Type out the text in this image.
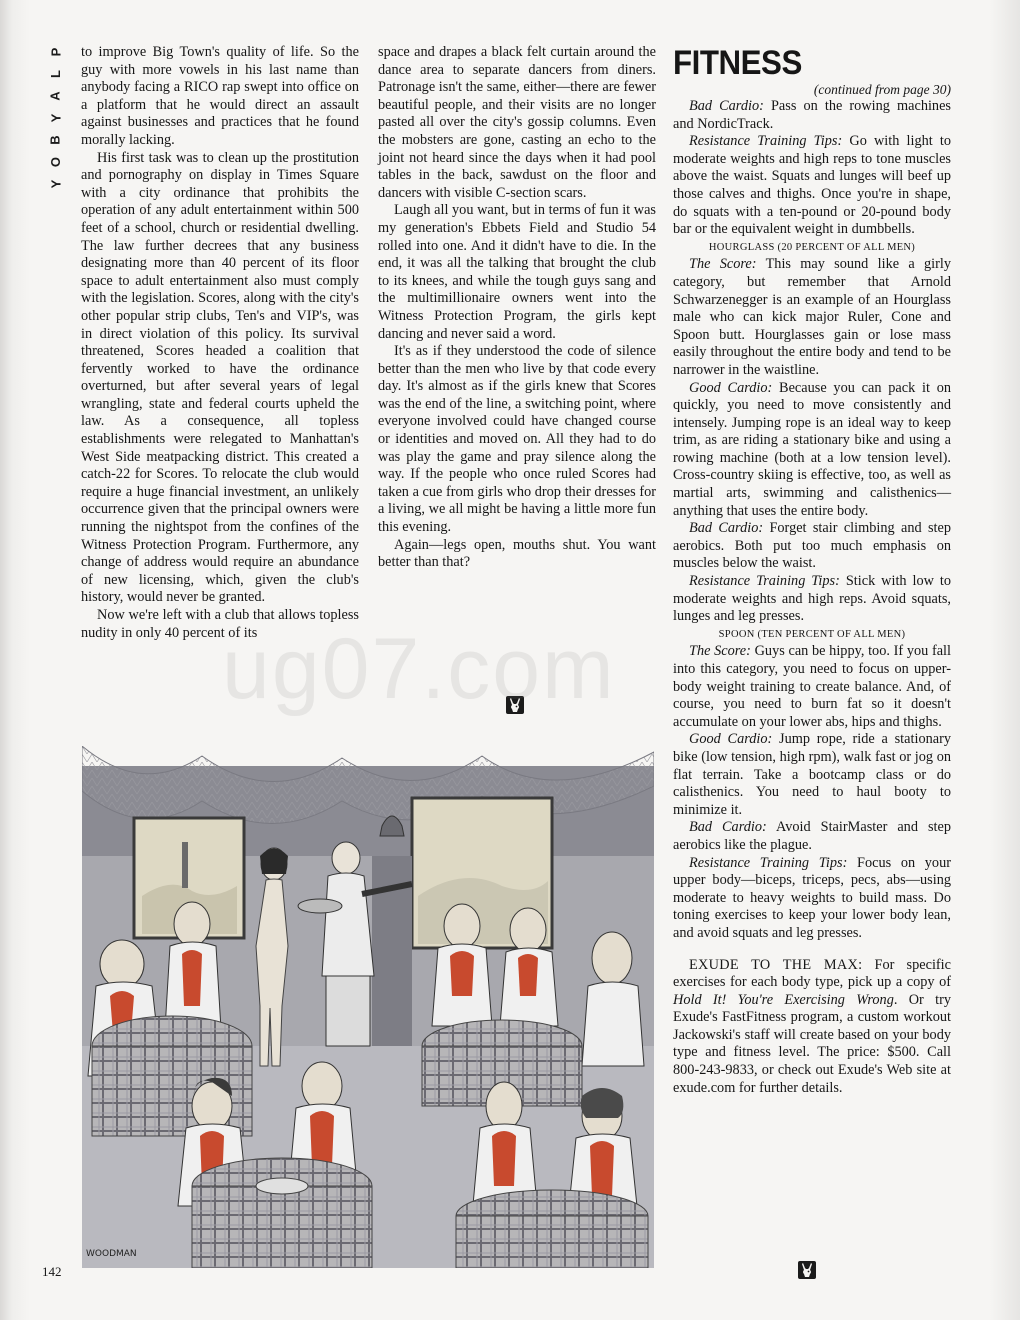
P
L
A
Y
B
O
Y

to improve Big Town's quality of life. So the guy with more vowels in his last name than anybody facing a RICO rap swept into office on a platform that he would direct an assault against businesses and practices that he found morally lacking.

His first task was to clean up the prostitution and pornography on display in Times Square with a city ordinance that prohibits the operation of any adult entertainment within 500 feet of a school, church or residential dwelling. The law further decrees that any business designating more than 40 percent of its floor space to adult entertainment also must comply with the legislation. Scores, along with the city's other popular strip clubs, Ten's and VIP's, was in direct violation of this policy. Its survival threatened, Scores headed a coalition that fervently worked to have the ordinance overturned, but after several years of legal wrangling, state and federal courts upheld the law. As a consequence, all topless establishments were relegated to Manhattan's West Side meatpacking district. This created a catch-22 for Scores. To relocate the club would require a huge financial investment, an unlikely occurrence given that the principal owners were running the nightspot from the confines of the Witness Protection Program. Furthermore, any change of address would require an abundance of new licensing, which, given the club's history, would never be granted.

Now we're left with a club that allows topless nudity in only 40 percent of its

space and drapes a black felt curtain around the dance area to separate dancers from diners. Patronage isn't the same, either—there are fewer beautiful people, and their visits are no longer pasted all over the city's gossip columns. Even the mobsters are gone, casting an echo to the joint not heard since the days when it had pool tables in the back, sawdust on the floor and dancers with visible C-section scars.

Laugh all you want, but in terms of fun it was my generation's Ebbets Field and Studio 54 rolled into one. And it didn't have to die. In the end, it was all the talking that brought the club to its knees, and while the tough guys sang and the multimillionaire owners went into the Witness Protection Program, the girls kept dancing and never said a word.

It's as if they understood the code of silence better than the men who live by that code every day. It's almost as if the girls knew that Scores was the end of the line, a switching point, where everyone involved could have changed course or identities and moved on. All they had to do was play the game and pray silence along the way. If the people who once ruled Scores had taken a cue from girls who drop their dresses for a living, we all might be having a little more fun this evening.

Again—legs open, mouths shut. You want better than that?

FITNESS

(continued from page 30)

Bad Cardio: Pass on the rowing machines and NordicTrack.

Resistance Training Tips: Go with light to moderate weights and high reps to tone muscles above the waist. Squats and lunges will beef up those calves and thighs. Once you're in shape, do squats with a ten-pound or 20-pound body bar or the equivalent weight in dumbbells.

HOURGLASS (20 PERCENT OF ALL MEN)

The Score: This may sound like a girly category, but remember that Arnold Schwarzenegger is an example of an Hourglass male who can kick major Ruler, Cone and Spoon butt. Hourglasses gain or lose mass easily throughout the entire body and tend to be narrower in the waistline.

Good Cardio: Because you can pack it on quickly, you need to move consistently and intensely. Jumping rope is an ideal way to keep trim, as are riding a stationary bike and using a rowing machine (both at a low tension level). Cross-country skiing is effective, too, as well as martial arts, swimming and calisthenics—anything that uses the entire body.

Bad Cardio: Forget stair climbing and step aerobics. Both put too much emphasis on muscles below the waist.

Resistance Training Tips: Stick with low to moderate weights and high reps. Avoid squats, lunges and leg presses.

SPOON (TEN PERCENT OF ALL MEN)

The Score: Guys can be hippy, too. If you fall into this category, you need to focus on upper-body weight training to create balance. And, of course, you need to burn fat so it doesn't accumulate on your lower abs, hips and thighs.

Good Cardio: Jump rope, ride a stationary bike (low tension, high rpm), walk fast or jog on flat terrain. Take a bootcamp class or do calisthenics. You need to haul booty to minimize it.

Bad Cardio: Avoid StairMaster and step aerobics like the plague.

Resistance Training Tips: Focus on your upper body—biceps, triceps, pecs, abs—using moderate to heavy weights to build mass. Do toning exercises to keep your lower body lean, and avoid squats and leg presses.

EXUDE TO THE MAX: For specific exercises for each body type, pick up a copy of Hold It! You're Exercising Wrong. Or try Exude's FastFitness program, a custom workout Jackowski's staff will create based on your body type and fitness level. The price: $500. Call 800-243-9833, or check out Exude's Web site at exude.com for further details.

WOODMAN
142
